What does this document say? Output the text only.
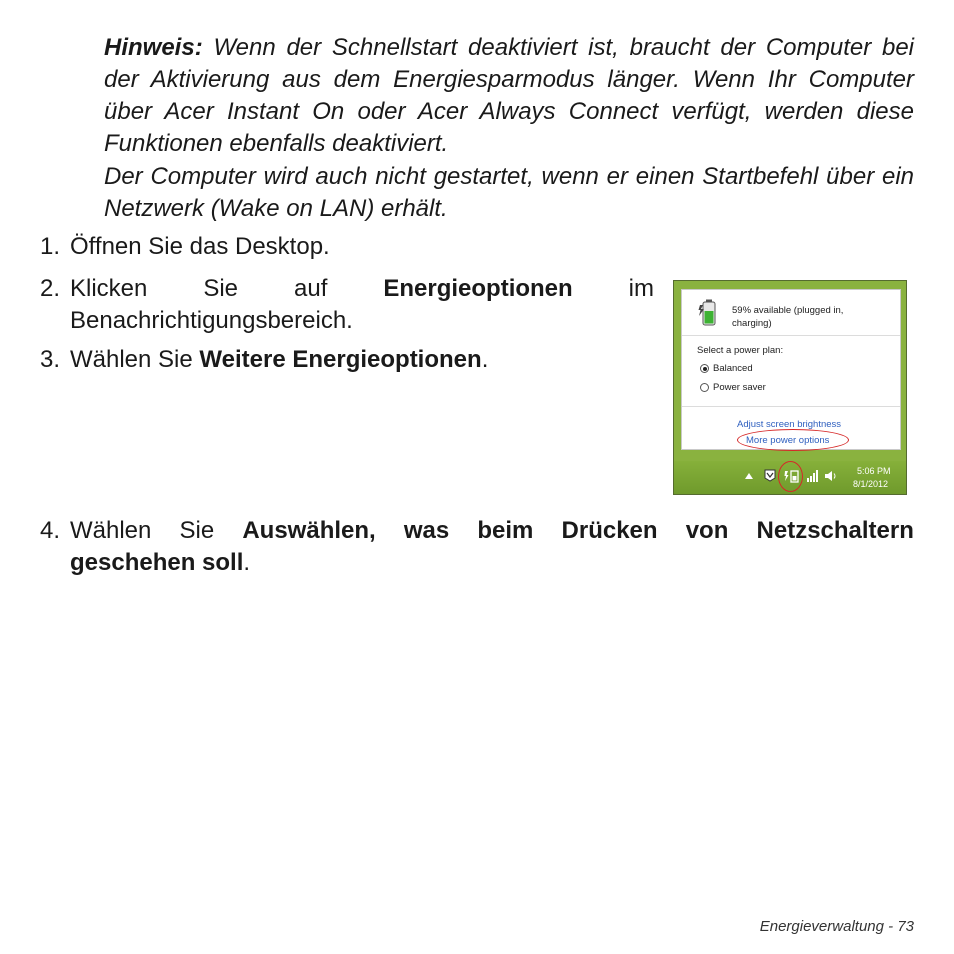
Hinweis: Wenn der Schnellstart deaktiviert ist, braucht der Computer bei der Aktivierung aus dem Energiesparmodus länger. Wenn Ihr Computer über Acer Instant On oder Acer Always Connect verfügt, werden diese Funktionen ebenfalls deaktiviert.

Der Computer wird auch nicht gestartet, wenn er einen Startbefehl über ein Netzwerk (Wake on LAN) erhält.

1. Öffnen Sie das Desktop.

2. Klicken Sie auf Energieoptionen im

Benachrichtigungsbereich.

3. Wählen Sie Weitere Energieoptionen.

4. Wählen Sie Auswählen, was beim Drücken von Netzschaltern

geschehen soll.

59% available (plugged in,
charging)
Select a power plan:
Balanced
Power saver
Adjust screen brightness
More power options
5:06 PM
8/1/2012
Energieverwaltung - 73
